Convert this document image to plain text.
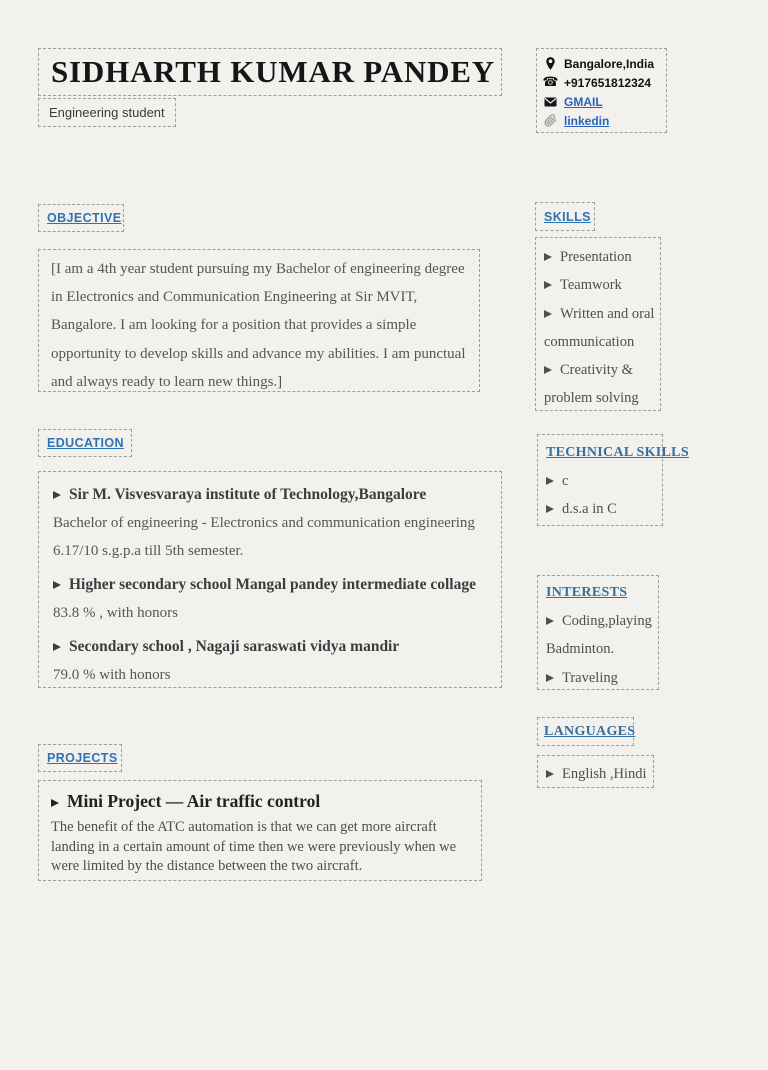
SIDHARTH KUMAR PANDEY
Engineering student
Bangalore,India
☎ +917651812324
GMAIL
linkedin
OBJECTIVE
[I am a 4th year student pursuing my Bachelor of engineering degree in Electronics and Communication Engineering at Sir MVIT, Bangalore. I am looking for a position that provides a simple opportunity to develop skills and advance my abilities. I am punctual and always ready to learn new things.]
EDUCATION
Sir M. Visvesvaraya institute of Technology,Bangalore
Bachelor of engineering - Electronics and communication engineering
6.17/10 s.g.p.a till 5th semester.
Higher secondary school Mangal pandey intermediate collage
83.8 % , with honors
Secondary school , Nagaji saraswati vidya mandir
79.0 % with honors
PROJECTS
Mini Project — Air traffic control
The benefit of the ATC automation is that we can get more aircraft landing in a certain amount of time then we were previously when we were limited by the distance between the two aircraft.
SKILLS
Presentation
Teamwork
Written and oral communication
Creativity & problem solving
TECHNICAL SKILLS
c
d.s.a in C
INTERESTS
Coding,playing Badminton.
Traveling
LANGUAGES
English ,Hindi
